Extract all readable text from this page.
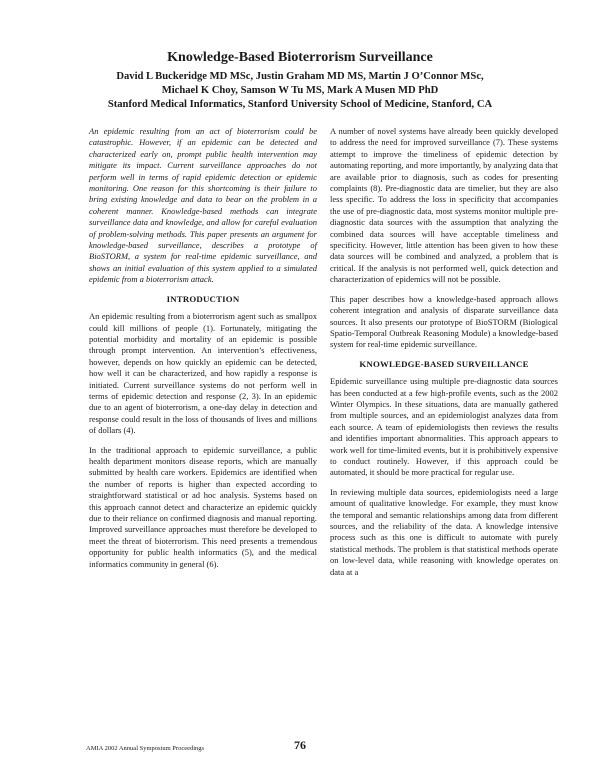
Knowledge-Based Bioterrorism Surveillance
David L Buckeridge MD MSc, Justin Graham MD MS, Martin J O’Connor MSc,
Michael K Choy, Samson W Tu MS, Mark A Musen MD PhD
Stanford Medical Informatics, Stanford University School of Medicine, Stanford, CA

An epidemic resulting from an act of bioterrorism could be catastrophic. However, if an epidemic can be detected and characterized early on, prompt public health intervention may mitigate its impact. Current surveillance approaches do not perform well in terms of rapid epidemic detection or epidemic monitoring. One reason for this shortcoming is their failure to bring existing knowledge and data to bear on the problem in a coherent manner. Knowledge-based methods can integrate surveillance data and knowledge, and allow for careful evaluation of problem-solving methods. This paper presents an argument for knowledge-based surveillance, describes a prototype of BioSTORM, a system for real-time epidemic surveillance, and shows an initial evaluation of this system applied to a simulated epidemic from a bioterrorism attack.

INTRODUCTION

An epidemic resulting from a bioterrorism agent such as smallpox could kill millions of people (1). Fortunately, mitigating the potential morbidity and mortality of an epidemic is possible through prompt intervention. An intervention’s effectiveness, however, depends on how quickly an epidemic can be detected, how well it can be characterized, and how rapidly a response is initiated. Current surveillance systems do not perform well in terms of epidemic detection and response (2, 3). In an epidemic due to an agent of bioterrorism, a one-day delay in detection and response could result in the loss of thousands of lives and millions of dollars (4).

In the traditional approach to epidemic surveillance, a public health department monitors disease reports, which are manually submitted by health care workers. Epidemics are identified when the number of reports is higher than expected according to straightforward statistical or ad hoc analysis. Systems based on this approach cannot detect and characterize an epidemic quickly due to their reliance on confirmed diagnosis and manual reporting. Improved surveillance approaches must therefore be developed to meet the threat of bioterrorism. This need presents a tremendous opportunity for public health informatics (5), and the medical informatics community in general (6).

A number of novel systems have already been quickly developed to address the need for improved surveillance (7). These systems attempt to improve the timeliness of epidemic detection by automating reporting, and more importantly, by analyzing data that are available prior to diagnosis, such as codes for presenting complaints (8). Pre-diagnostic data are timelier, but they are also less specific. To address the loss in specificity that accompanies the use of pre-diagnostic data, most systems monitor multiple pre-diagnostic data sources with the assumption that analyzing the combined data sources will have acceptable timeliness and specificity. However, little attention has been given to how these data sources will be combined and analyzed, a problem that is critical. If the analysis is not performed well, quick detection and characterization of epidemics will not be possible.

This paper describes how a knowledge-based approach allows coherent integration and analysis of disparate surveillance data sources. It also presents our prototype of BioSTORM (Biological Spatio-Temporal Outbreak Reasoning Module) a knowledge-based system for real-time epidemic surveillance.

KNOWLEDGE-BASED SURVEILLANCE

Epidemic surveillance using multiple pre-diagnostic data sources has been conducted at a few high-profile events, such as the 2002 Winter Olympics. In these situations, data are manually gathered from multiple sources, and an epidemiologist analyzes data from each source. A team of epidemiologists then reviews the results and identifies important abnormalities. This approach appears to work well for time-limited events, but it is prohibitively expensive to conduct routinely. However, if this approach could be automated, it should be more practical for regular use.

In reviewing multiple data sources, epidemiologists need a large amount of qualitative knowledge. For example, they must know the temporal and semantic relationships among data from different sources, and the reliability of the data. A knowledge intensive process such as this one is difficult to automate with purely statistical methods. The problem is that statistical methods operate on low-level data, while reasoning with knowledge operates on data at a

AMIA 2002 Annual Symposium Proceedings	76
